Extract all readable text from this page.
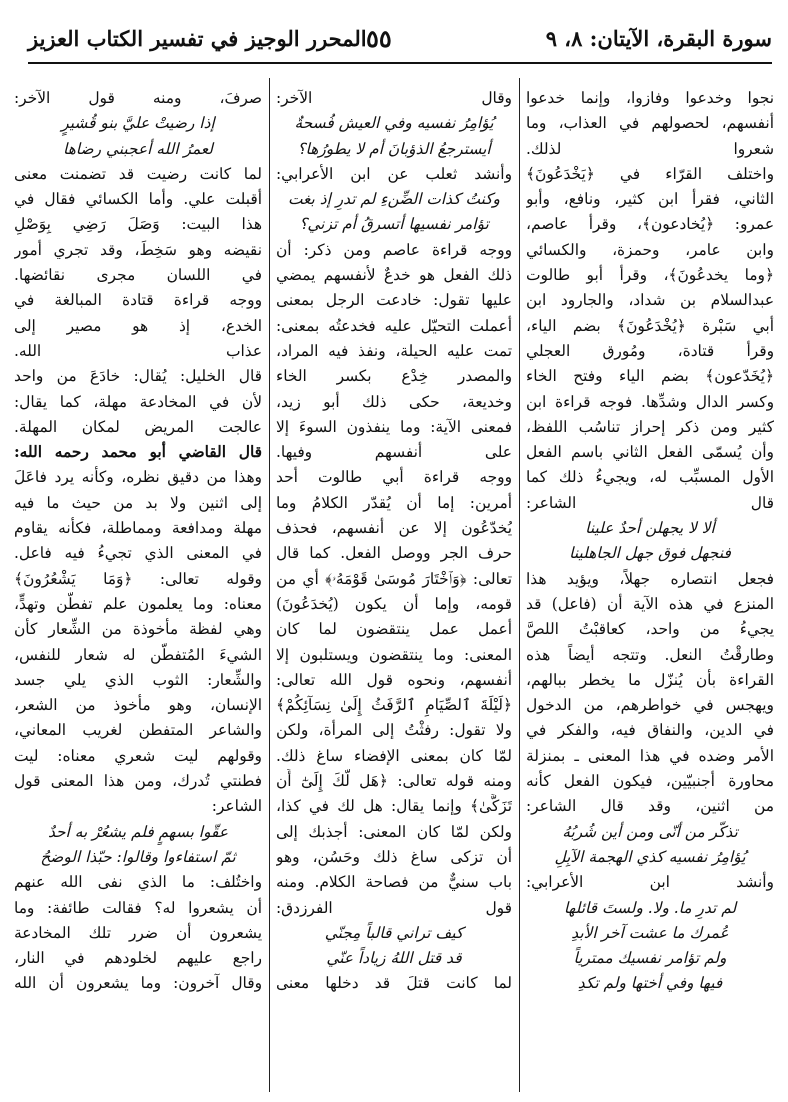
سورة البقرة، الآيتان: ٨، ٩
٥٥
المحرر الوجيز في تفسير الكتاب العزيز
نجوا وخدعوا وفازوا، وإنما خدعوا
أنفسهم، لحصولهم في العذاب، وما
شعروا لذلك.
واختلف القرّاء في ﴿يَخْدَعُونَ﴾
الثاني، فقرأ ابن كثير، ونافع، وأبو
عمرو: ﴿يُخادعون﴾، وقرأ عاصم،
وابن عامر، وحمزة، والكسائي
﴿وما يخدعُونَ﴾، وقرأ أبو طالوت
عبدالسلام بن شداد، والجارود ابن
أبي سَبْرة ﴿يُخْدَعُونَ﴾ بضم الياء،
وقرأ قتادة، ومُورق العجلي
﴿يُخَدّعون﴾ بضم الياء وفتح الخاء
وكسر الدال وشدِّها. فوجه قراءة ابن
كثير ومن ذكر إحراز تناسُب اللفظ،
وأن يُسمّى الفعل الثاني باسم الفعل
الأول المسبِّب له، ويجيءُ ذلك كما
قال الشاعر:
ألا لا يجهلن أحدٌ علينا
فنجهل فوق جهل الجاهلينا
فجعل انتصاره جهلاً، ويؤيد هذا
المنزع في هذه الآية أن (فاعل) قد
يجيءُ من واحد، كعاقبْتُ اللصَّ
وطارقْتُ النعل. وتتجه أيضاً هذه
القراءة بأن يُنزّل ما يخطر ببالهم،
ويهجس في خواطرهم، من الدخول
في الدين، والنفاق فيه، والفكر في
الأمر وضده في هذا المعنى ـ بمنزلة
محاورة أجنبيّين، فيكون الفعل كأنه
من اثنين، وقد قال الشاعر:
تذكّر من أنّى ومن أين شُربُهُ
يُؤامِرُ نفسيه كذي الهجمة الآبِلِ
وأنشد ابن الأعرابي:
لم تدرِ ما. ولا. ولستَ قائلها
عُمرك ما عشت آخر الأبدِ
ولم تؤامر نفسيك ممترياً
فيها وفي أختها ولم تكدِ
وقال الآخر:
يُؤامِرُ نفسيه وفي العيش فُسحةٌ
أيسترجعُ الذؤبانَ أم لا يطورُها؟
وأنشد ثعلب عن ابن الأعرابي:
وكنتُ كذات الضِّنءِ لم تدرِ إذ بغت
تؤامر نفسيها أتسرقُ أم تزني؟
ووجه قراءة عاصم ومن ذكر: أن
ذلك الفعل هو خدعٌ لأنفسهم يمضي
عليها تقول: خادعت الرجل بمعنى
أعملت التحيّل عليه فخدعتُه بمعنى:
تمت عليه الحيلة، ونفذ فيه المراد،
والمصدر خِدْع بكسر الخاء
وخديعة، حكى ذلك أبو زيد،
فمعنى الآية: وما ينفذون السوءَ إلا
على أنفسهم وفيها.
ووجه قراءة أبي طالوت أحد
أمرين: إما أن يُقدّر الكلامُ وما
يُخدّعُون إلا عن أنفسهم، فحذف
حرف الجر ووصل الفعل. كما قال
تعالى: ﴿وَٱخْتَارَ مُوسَىٰ قَوْمَهُۥ﴾ أي من
قومه، وإما أن يكون (يُخدَعُونَ)
أعمل عمل ينتقضون لما كان
المعنى: وما ينتقضون ويستلبون إلا
أنفسهم، ونحوه قول الله تعالى:
﴿لَيْلَةَ ٱلصِّيَامِ ٱلرَّفَثُ إِلَىٰ نِسَآئِكُمْ﴾
ولا تقول: رفثْتُ إلى المرأة، ولكن
لمّا كان بمعنى الإفضاء ساغ ذلك.
ومنه قوله تعالى: ﴿هَل لَّكَ إِلَىٰٓ أَن
تَزَكَّىٰ﴾ وإنما يقال: هل لك في كذا،
ولكن لمّا كان المعنى: أجذبك إلى
أن تزكى ساغ ذلك وحَسُن، وهو
باب سنيٌّ من فصاحة الكلام. ومنه
قول الفرزدق:
كيف تراني قالباً مِجنّي
قد قتل اللهُ زياداً عنّي
لما كانت قتلَ قد دخلها معنى
صرفَ، ومنه قول الآخر:
إذا رضيتْ عليَّ بنو قُشيرٍ
لعمرُ الله أعجبني رضاها
لما كانت رضيت قد تضمنت معنى
أقبلت علي. وأما الكسائي فقال في
هذا البيت: وَصَلَ رَضِي بِوَصْلِ
نقيضه وهو سَخِطَ، وقد تجري أمور
في اللسان مجرى نقائضها.
ووجه قراءة قتادة المبالغة في
الخدع، إذ هو مصير إلى
عذاب الله.
قال الخليل: يُقال: خادَعَ من واحد
لأن في المخادعة مهلة، كما يقال:
عالجت المريض لمكان المهلة.
قال القاضي أبو محمد رحمه الله:
وهذا من دقيق نظره، وكأنه يرد فاعَلَ
إلى اثنين ولا بد من حيث ما فيه
مهلة ومدافعة ومماطلة، فكأنه يقاوم
في المعنى الذي تجيءُ فيه فاعل.
وقوله تعالى: ﴿وَمَا يَشْعُرُونَ﴾
معناه: وما يعلمون علم تفطُّن وتهدٍّ،
وهي لفظة مأخوذة من الشِّعار كأن
الشيءَ المُتفطَّن له شعار للنفس،
والشِّعار: الثوب الذي يلي جسد
الإنسان، وهو مأخوذ من الشعر،
والشاعر المتفطن لغريب المعاني،
وقولهم ليت شعري معناه: ليت
فطنتي تُدرك، ومن هذا المعنى قول
الشاعر:
عقّوا بسهمٍ فلم يشعُرْ به أحدٌ
ثمّ استفاءوا وقالوا: حبّذا الوضحُ
واختُلف: ما الذي نفى الله عنهم
أن يشعروا له؟ فقالت طائفة: وما
يشعرون أن ضرر تلك المخادعة
راجع عليهم لخلودهم في النار،
وقال آخرون: وما يشعرون أن الله
